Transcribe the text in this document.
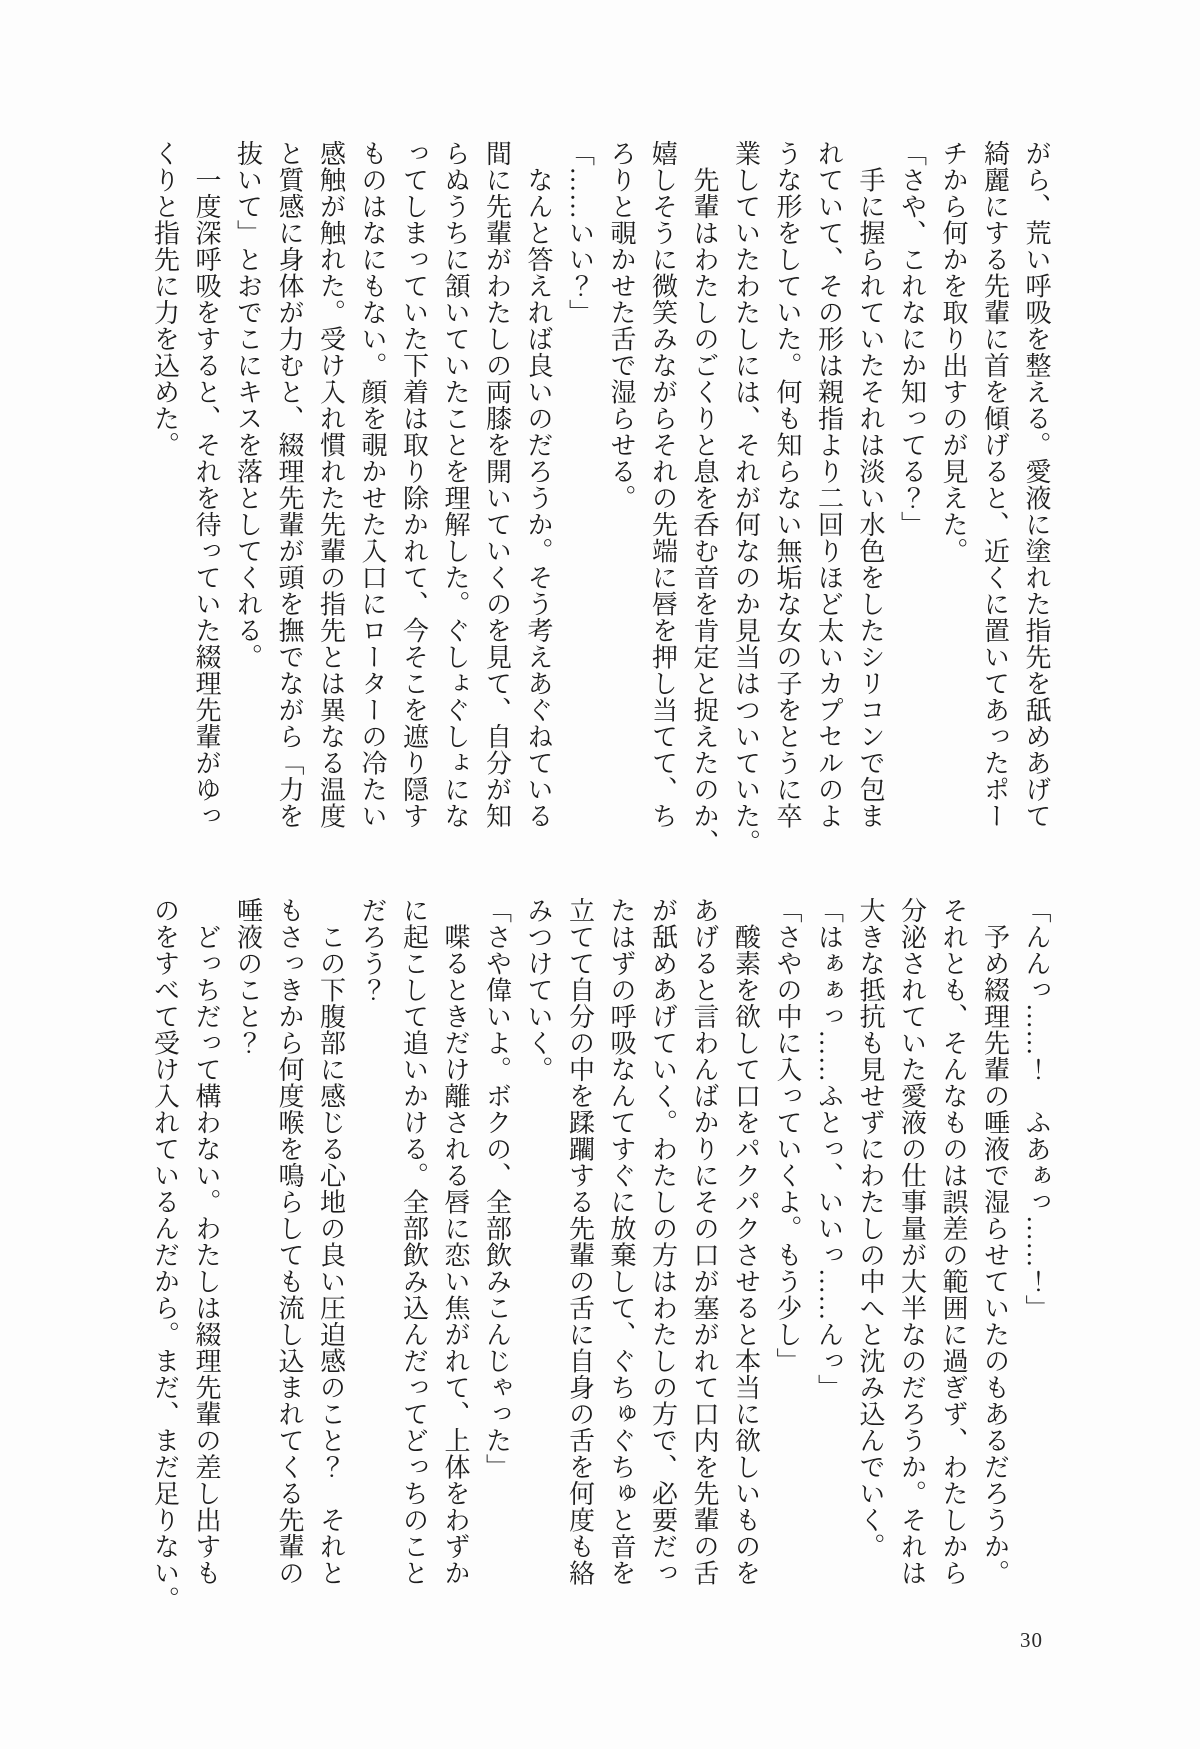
がら、荒い呼吸を整える。愛液に塗れた指先を舐めあげて
綺麗にする先輩に首を傾げると、近くに置いてあったポー
チから何かを取り出すのが見えた。
「さや、これなにか知ってる？」
　手に握られていたそれは淡い水色をしたシリコンで包ま
れていて、その形は親指より二回りほど太いカプセルのよ
うな形をしていた。何も知らない無垢な女の子をとうに卒
業していたわたしには、それが何なのか見当はついていた。
　先輩はわたしのごくりと息を呑む音を肯定と捉えたのか、
嬉しそうに微笑みながらそれの先端に唇を押し当てて、ち
ろりと覗かせた舌で湿らせる。
「……いい？」
　なんと答えれば良いのだろうか。そう考えあぐねている
間に先輩がわたしの両膝を開いていくのを見て、自分が知
らぬうちに頷いていたことを理解した。ぐしょぐしょにな
ってしまっていた下着は取り除かれて、今そこを遮り隠す
ものはなにもない。顔を覗かせた入口にローターの冷たい
感触が触れた。受け入れ慣れた先輩の指先とは異なる温度
と質感に身体が力むと、綴理先輩が頭を撫でながら「力を
抜いて」とおでこにキスを落としてくれる。
　一度深呼吸をすると、それを待っていた綴理先輩がゆっ
くりと指先に力を込めた。
「んんっ……！　ふあぁっ……！」
　予め綴理先輩の唾液で湿らせていたのもあるだろうか。
それとも、そんなものは誤差の範囲に過ぎず、わたしから
分泌されていた愛液の仕事量が大半なのだろうか。それは
大きな抵抗も見せずにわたしの中へと沈み込んでいく。
「はぁぁっ……ふとっ、いいっ……んっ」
「さやの中に入っていくよ。もう少し」
　酸素を欲して口をパクパクさせると本当に欲しいものを
あげると言わんばかりにその口が塞がれて口内を先輩の舌
が舐めあげていく。わたしの方はわたしの方で、必要だっ
たはずの呼吸なんてすぐに放棄して、ぐちゅぐちゅと音を
立てて自分の中を蹂躙する先輩の舌に自身の舌を何度も絡
みつけていく。
「さや偉いよ。ボクの、全部飲みこんじゃった」
　喋るときだけ離される唇に恋い焦がれて、上体をわずか
に起こして追いかける。全部飲み込んだってどっちのこと
だろう？
　この下腹部に感じる心地の良い圧迫感のこと？　それと
もさっきから何度喉を鳴らしても流し込まれてくる先輩の
唾液のこと？
　どっちだって構わない。わたしは綴理先輩の差し出すも
のをすべて受け入れているんだから。まだ、まだ足りない。
30
